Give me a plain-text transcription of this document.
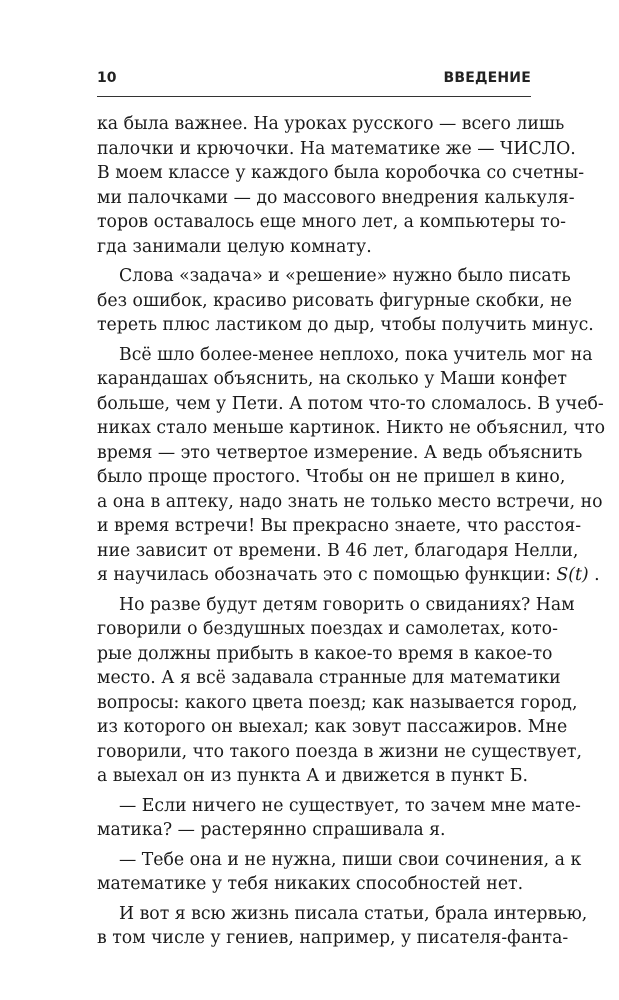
10	ВВЕДЕНИЕ
ка была важнее. На уроках русского — всего лишь
палочки и крючочки. На математике же — ЧИСЛО.
В моем классе у каждого была коробочка со счетны-
ми палочками — до массового внедрения калькуля-
торов оставалось еще много лет, а компьютеры то-
гда занимали целую комнату.
Слова «задача» и «решение» нужно было писать
без ошибок, красиво рисовать фигурные скобки, не
тереть плюс ластиком до дыр, чтобы получить минус.
Всё шло более-менее неплохо, пока учитель мог на
карандашах объяснить, на сколько у Маши конфет
больше, чем у Пети. А потом что-то сломалось. В учеб-
никах стало меньше картинок. Никто не объяснил, что
время — это четвертое измерение. А ведь объяснить
было проще простого. Чтобы он не пришел в кино,
а она в аптеку, надо знать не только место встречи, но
и время встречи! Вы прекрасно знаете, что расстоя-
ние зависит от времени. В 46 лет, благодаря Нелли,
я научилась обозначать это с помощью функции: S(t) .
Но разве будут детям говорить о свиданиях? Нам
говорили о бездушных поездах и самолетах, кото-
рые должны прибыть в какое-то время в какое-то
место. А я всё задавала странные для математики
вопросы: какого цвета поезд; как называется город,
из которого он выехал; как зовут пассажиров. Мне
говорили, что такого поезда в жизни не существует,
а выехал он из пункта А и движется в пункт Б.
— Если ничего не существует, то зачем мне мате-
матика? — растерянно спрашивала я.
— Тебе она и не нужна, пиши свои сочинения, а к
математике у тебя никаких способностей нет.
И вот я всю жизнь писала статьи, брала интервью,
в том числе у гениев, например, у писателя-фанта-
